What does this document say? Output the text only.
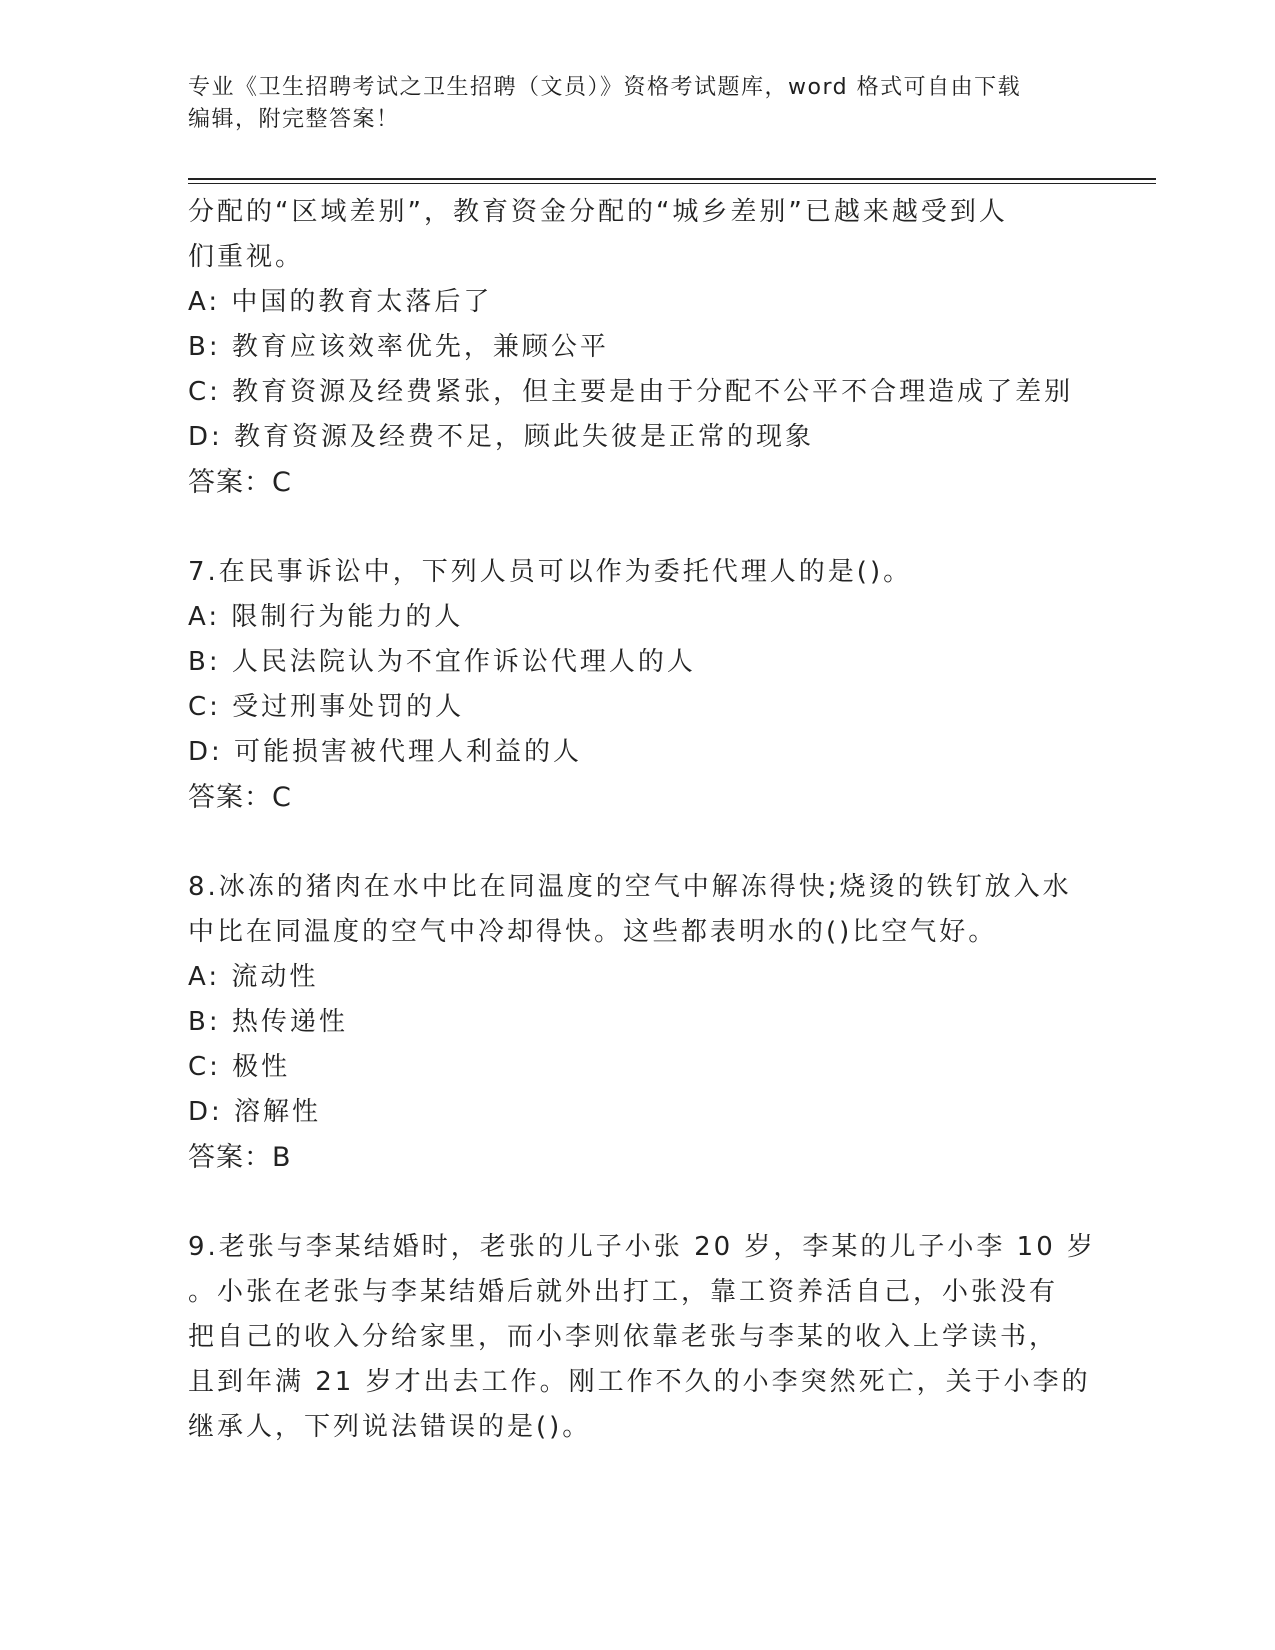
专业《卫生招聘考试之卫生招聘（文员）》资格考试题库，word 格式可自由下载
编辑，附完整答案！
分配的“区域差别”，教育资金分配的“城乡差别”已越来越受到人
们重视。
A: 中国的教育太落后了
B: 教育应该效率优先，兼顾公平
C: 教育资源及经费紧张，但主要是由于分配不公平不合理造成了差别
D: 教育资源及经费不足，顾此失彼是正常的现象
答案：C
7.在民事诉讼中，下列人员可以作为委托代理人的是()。
A: 限制行为能力的人
B: 人民法院认为不宜作诉讼代理人的人
C: 受过刑事处罚的人
D: 可能损害被代理人利益的人
答案：C
8.冰冻的猪肉在水中比在同温度的空气中解冻得快;烧烫的铁钉放入水
中比在同温度的空气中冷却得快。这些都表明水的()比空气好。
A: 流动性
B: 热传递性
C: 极性
D: 溶解性
答案：B
9.老张与李某结婚时，老张的儿子小张 20 岁，李某的儿子小李 10 岁
。小张在老张与李某结婚后就外出打工，靠工资养活自己，小张没有
把自己的收入分给家里，而小李则依靠老张与李某的收入上学读书，
且到年满 21 岁才出去工作。刚工作不久的小李突然死亡，关于小李的
继承人，下列说法错误的是()。
